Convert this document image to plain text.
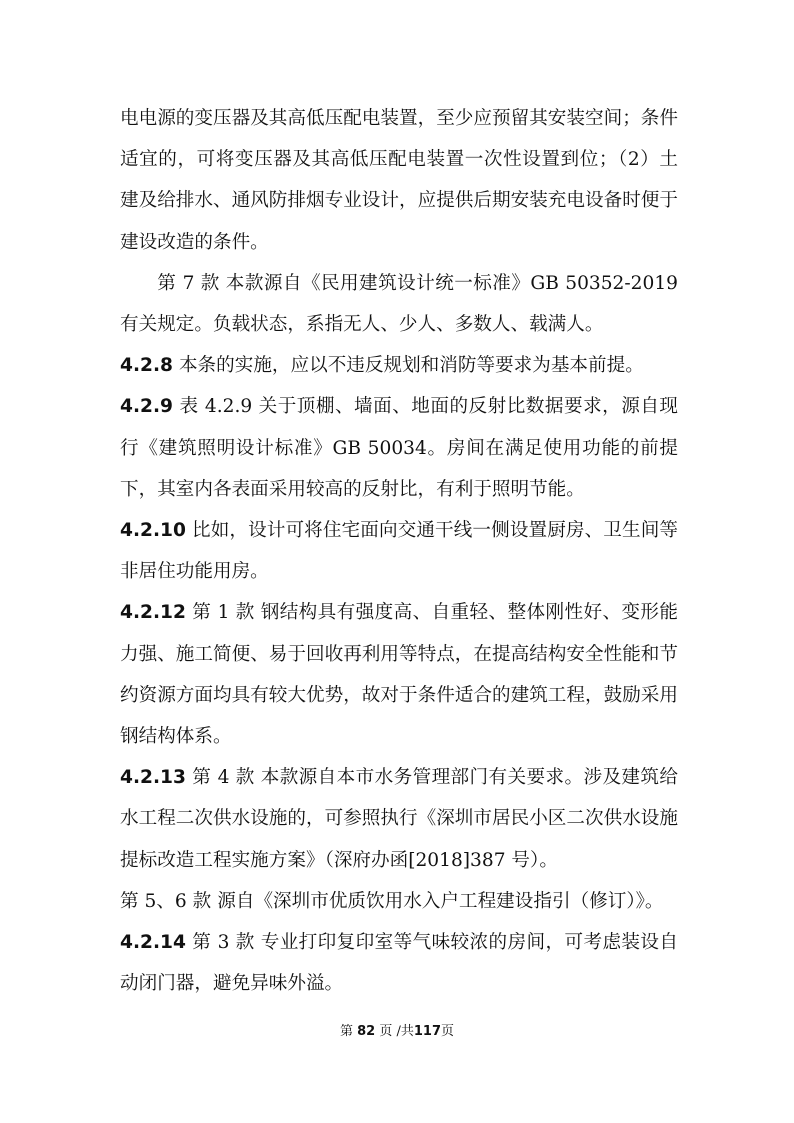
电电源的变压器及其高低压配电装置，至少应预留其安装空间；条件适宜的，可将变压器及其高低压配电装置一次性设置到位；（2）土建及给排水、通风防排烟专业设计，应提供后期安装充电设备时便于建设改造的条件。

第 7 款 本款源自《民用建筑设计统一标准》GB 50352-2019 有关规定。负载状态，系指无人、少人、多数人、载满人。

4.2.8 本条的实施，应以不违反规划和消防等要求为基本前提。

4.2.9 表 4.2.9 关于顶棚、墙面、地面的反射比数据要求，源自现行《建筑照明设计标准》GB 50034。房间在满足使用功能的前提下，其室内各表面采用较高的反射比，有利于照明节能。

4.2.10 比如，设计可将住宅面向交通干线一侧设置厨房、卫生间等非居住功能用房。

4.2.12 第 1 款 钢结构具有强度高、自重轻、整体刚性好、变形能力强、施工简便、易于回收再利用等特点，在提高结构安全性能和节约资源方面均具有较大优势，故对于条件适合的建筑工程，鼓励采用钢结构体系。

4.2.13 第 4 款 本款源自本市水务管理部门有关要求。涉及建筑给水工程二次供水设施的，可参照执行《深圳市居民小区二次供水设施提标改造工程实施方案》（深府办函[2018]387 号）。

第 5、6 款 源自《深圳市优质饮用水入户工程建设指引（修订）》。

4.2.14 第 3 款 专业打印复印室等气味较浓的房间，可考虑装设自动闭门器，避免异味外溢。

第 82 页 /共117页
